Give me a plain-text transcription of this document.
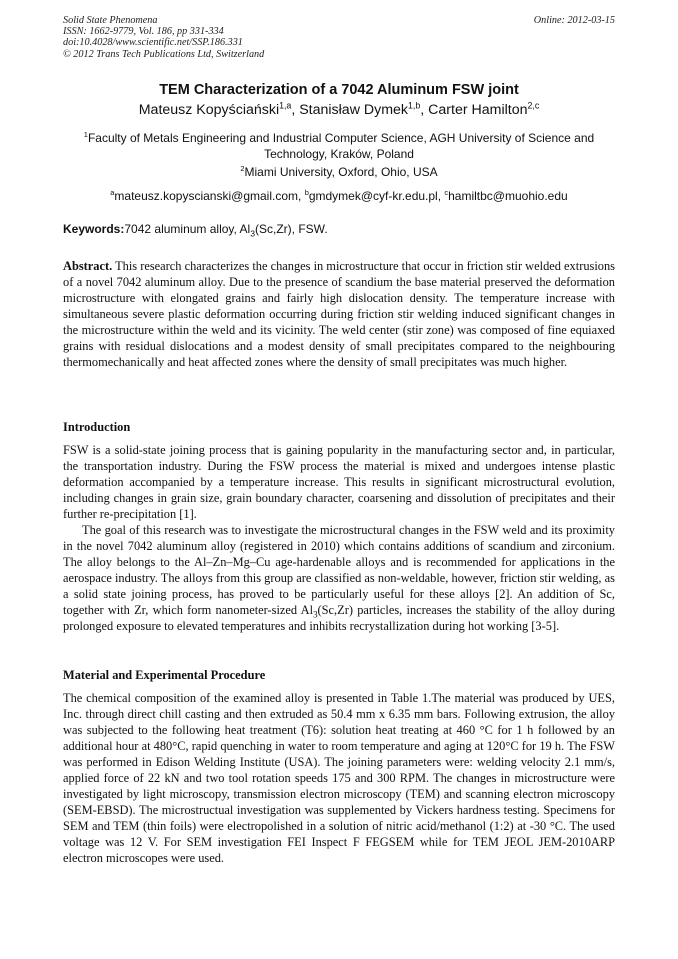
Solid State Phenomena
ISSN: 1662-9779, Vol. 186, pp 331-334
doi:10.4028/www.scientific.net/SSP.186.331
© 2012 Trans Tech Publications Ltd, Switzerland
Online: 2012-03-15
TEM Characterization of a 7042 Aluminum FSW joint
Mateusz Kopyściański$^{1,a}$, Stanisław Dymek$^{1,b}$, Carter Hamilton$^{2,c}$
$^1$Faculty of Metals Engineering and Industrial Computer Science, AGH University of Science and Technology, Kraków, Poland
$^2$Miami University, Oxford, Ohio, USA
$^a$mateusz.kopyscianski@gmail.com, $^b$gmdymek@cyf-kr.edu.pl, $^c$hamiltbc@muohio.edu
Keywords:7042 aluminum alloy, $Al_3(Sc,Zr)$, FSW.

Abstract. This research characterizes the changes in microstructure that occur in friction stir welded extrusions of a novel 7042 aluminum alloy. Due to the presence of scandium the base material preserved the deformation microstructure with elongated grains and fairly high dislocation density. The temperature increase with simultaneous severe plastic deformation occurring during friction stir welding induced significant changes in the microstructure within the weld and its vicinity. The weld center (stir zone) was composed of fine equiaxed grains with residual dislocations and a modest density of small precipitates compared to the neighbouring thermomechanically and heat affected zones where the density of small precipitates was much higher.

Introduction

FSW is a solid-state joining process that is gaining popularity in the manufacturing sector and, in particular, the transportation industry. During the FSW process the material is mixed and undergoes intense plastic deformation accompanied by a temperature increase. This results in significant microstructural evolution, including changes in grain size, grain boundary character, coarsening and dissolution of precipitates and their further re-precipitation [1].

The goal of this research was to investigate the microstructural changes in the FSW weld and its proximity in the novel 7042 aluminum alloy (registered in 2010) which contains additions of scandium and zirconium. The alloy belongs to the Al–Zn–Mg–Cu age-hardenable alloys and is recommended for applications in the aerospace industry. The alloys from this group are classified as non-weldable, however, friction stir welding, as a solid state joining process, has proved to be particularly useful for these alloys [2]. An addition of Sc, together with Zr, which form nanometer-sized $Al_3(Sc,Zr)$ particles, increases the stability of the alloy during prolonged exposure to elevated temperatures and inhibits recrystallization during hot working [3-5].

Material and Experimental Procedure

The chemical composition of the examined alloy is presented in Table 1.The material was produced by UES, Inc. through direct chill casting and then extruded as 50.4 mm x 6.35 mm bars. Following extrusion, the alloy was subjected to the following heat treatment (T6): solution heat treating at 460 °C for 1 h followed by an additional hour at 480°C, rapid quenching in water to room temperature and aging at 120°C for 19 h. The FSW was performed in Edison Welding Institute (USA). The joining parameters were: welding velocity 2.1 mm/s, applied force of 22 kN and two tool rotation speeds 175 and 300 RPM. The changes in microstructure were investigated by light microscopy, transmission electron microscopy (TEM) and scanning electron microscopy (SEM-EBSD). The microstructual investigation was supplemented by Vickers hardness testing. Specimens for SEM and TEM (thin foils) were electropolished in a solution of nitric acid/methanol (1:2) at -30 °C. The used voltage was 12 V. For SEM investigation FEI Inspect F FEGSEM while for TEM JEOL JEM-2010ARP electron microscopes were used.
